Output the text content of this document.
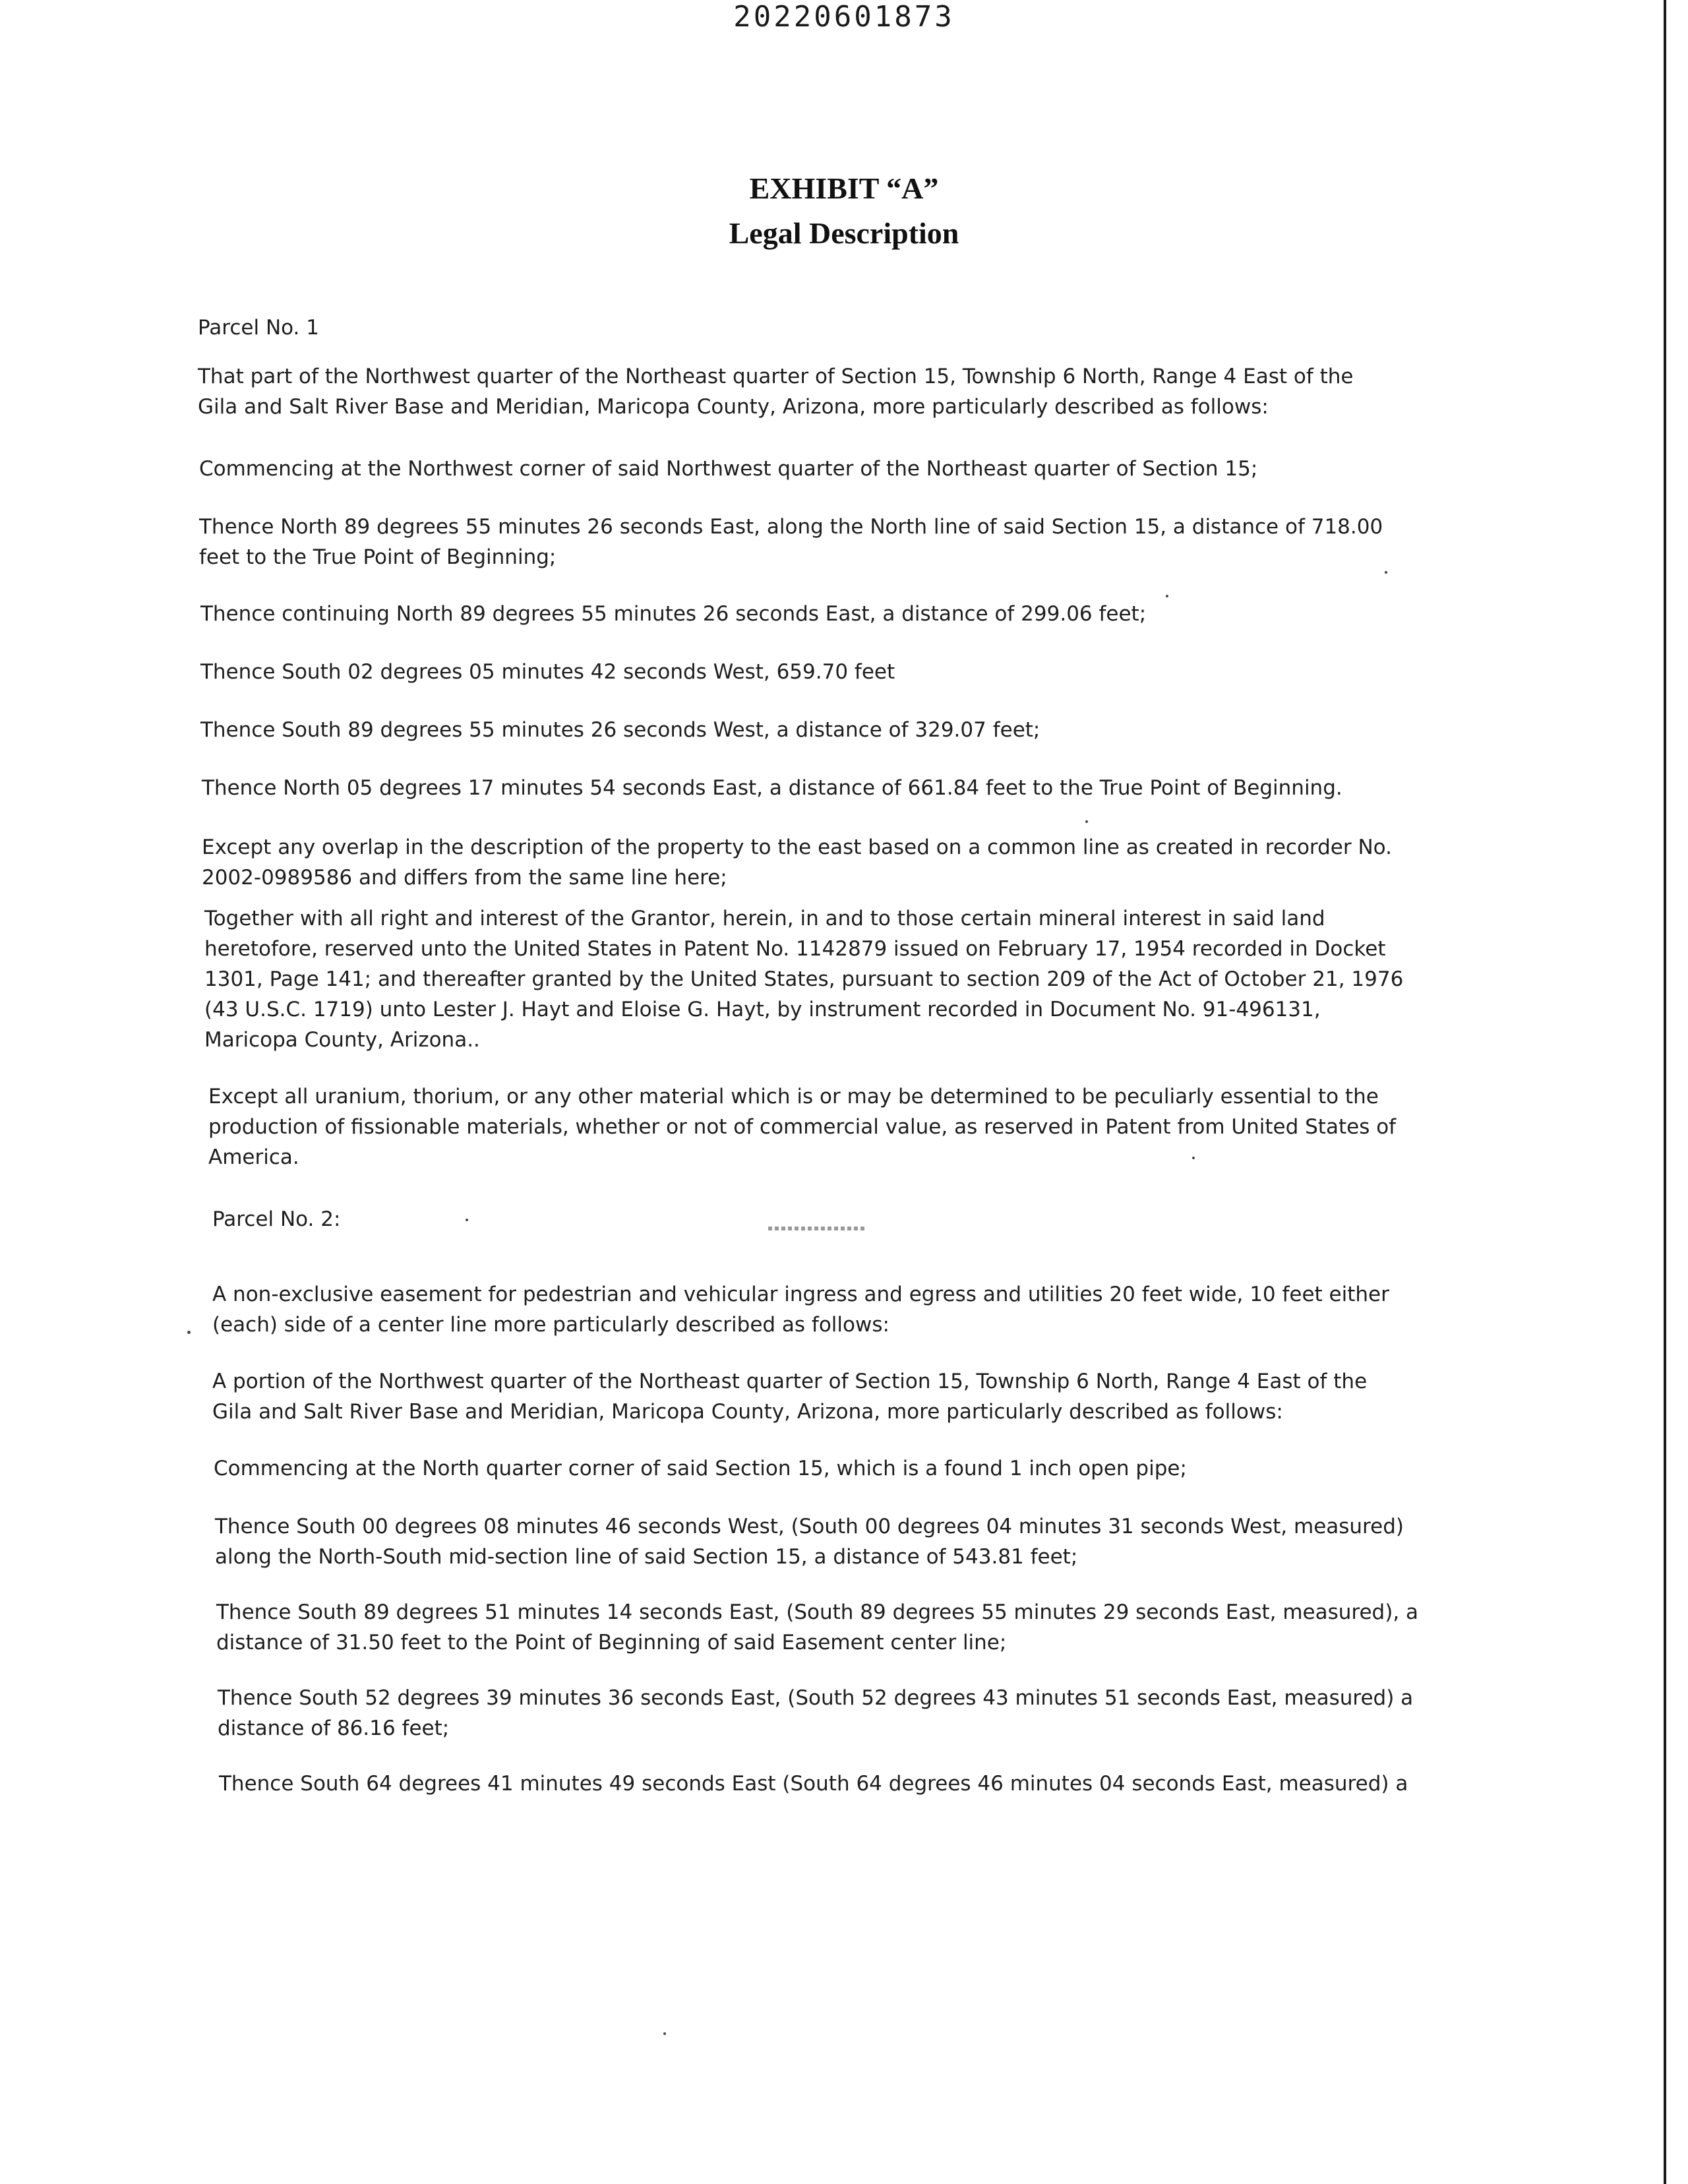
20220601873
EXHIBIT “A”
Legal Description
Parcel No. 1
That part of the Northwest quarter of the Northeast quarter of Section 15, Township 6 North, Range 4 East of the
Gila and Salt River Base and Meridian, Maricopa County, Arizona, more particularly described as follows:
Commencing at the Northwest corner of said Northwest quarter of the Northeast quarter of Section 15;
Thence North 89 degrees 55 minutes 26 seconds East, along the North line of said Section 15, a distance of 718.00
feet to the True Point of Beginning;
Thence continuing North 89 degrees 55 minutes 26 seconds East, a distance of 299.06 feet;
Thence South 02 degrees 05 minutes 42 seconds West, 659.70 feet
Thence South 89 degrees 55 minutes 26 seconds West, a distance of 329.07 feet;
Thence North 05 degrees 17 minutes 54 seconds East, a distance of 661.84 feet to the True Point of Beginning.
Except any overlap in the description of the property to the east based on a common line as created in recorder No.
2002-0989586 and differs from the same line here;
Together with all right and interest of the Grantor, herein, in and to those certain mineral interest in said land
heretofore, reserved unto the United States in Patent No. 1142879 issued on February 17, 1954 recorded in Docket
1301, Page 141; and thereafter granted by the United States, pursuant to section 209 of the Act of October 21, 1976
(43 U.S.C. 1719) unto Lester J. Hayt and Eloise G. Hayt, by instrument recorded in Document No. 91-496131,
Maricopa County, Arizona..
Except all uranium, thorium, or any other material which is or may be determined to be peculiarly essential to the
production of fissionable materials, whether or not of commercial value, as reserved in Patent from United States of
America.
Parcel No. 2:
A non-exclusive easement for pedestrian and vehicular ingress and egress and utilities 20 feet wide, 10 feet either
(each) side of a center line more particularly described as follows:
A portion of the Northwest quarter of the Northeast quarter of Section 15, Township 6 North, Range 4 East of the
Gila and Salt River Base and Meridian, Maricopa County, Arizona, more particularly described as follows:
Commencing at the North quarter corner of said Section 15, which is a found 1 inch open pipe;
Thence South 00 degrees 08 minutes 46 seconds West, (South 00 degrees 04 minutes 31 seconds West, measured)
along the North-South mid-section line of said Section 15, a distance of 543.81 feet;
Thence South 89 degrees 51 minutes 14 seconds East, (South 89 degrees 55 minutes 29 seconds East, measured), a
distance of 31.50 feet to the Point of Beginning of said Easement center line;
Thence South 52 degrees 39 minutes 36 seconds East, (South 52 degrees 43 minutes 51 seconds East, measured) a
distance of 86.16 feet;
Thence South 64 degrees 41 minutes 49 seconds East (South 64 degrees 46 minutes 04 seconds East, measured) a
